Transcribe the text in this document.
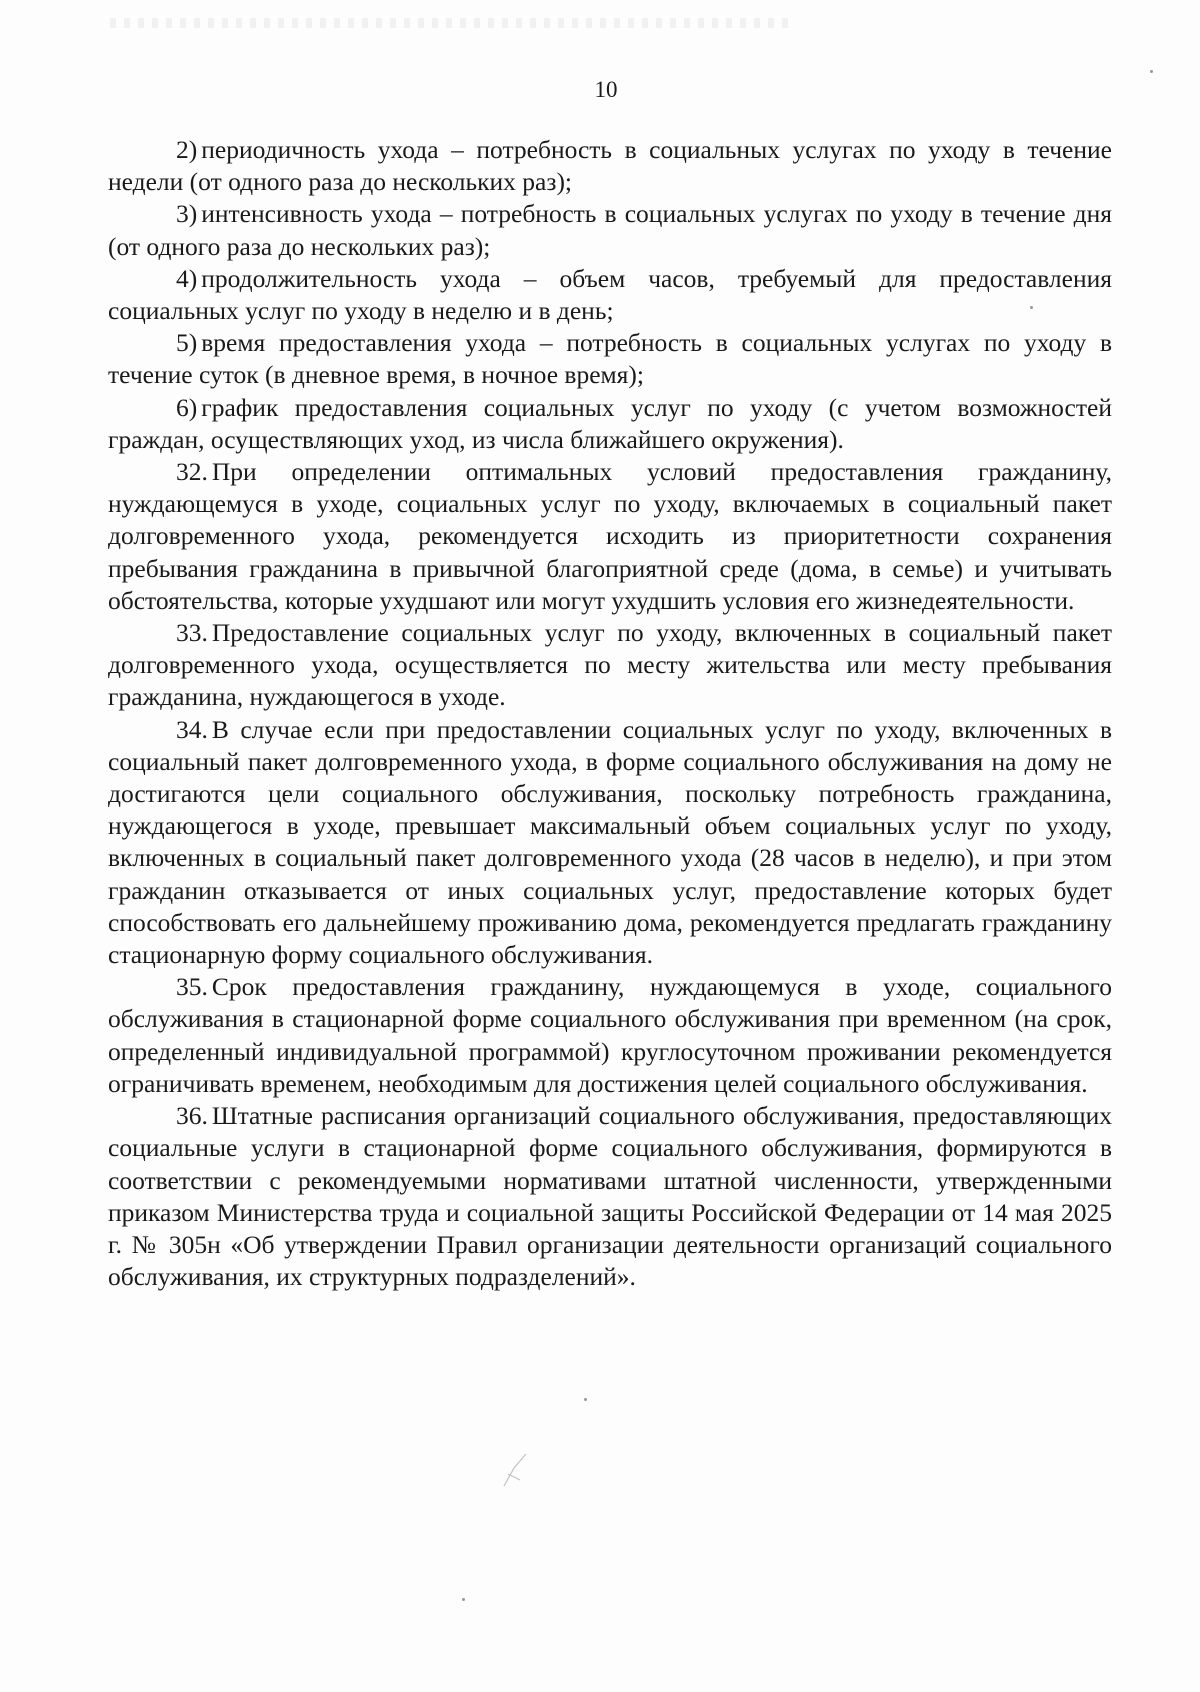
10

2) периодичность ухода – потребность в социальных услугах по уходу в течение недели (от одного раза до нескольких раз);

3) интенсивность ухода – потребность в социальных услугах по уходу в течение дня (от одного раза до нескольких раз);

4) продолжительность ухода – объем часов, требуемый для предоставления социальных услуг по уходу в неделю и в день;

5) время предоставления ухода – потребность в социальных услугах по уходу в течение суток (в дневное время, в ночное время);

6) график предоставления социальных услуг по уходу (с учетом возможностей граждан, осуществляющих уход, из числа ближайшего окружения).

32. При определении оптимальных условий предоставления гражданину, нуждающемуся в уходе, социальных услуг по уходу, включаемых в социальный пакет долговременного ухода, рекомендуется исходить из приоритетности сохранения пребывания гражданина в привычной благоприятной среде (дома, в семье) и учитывать обстоятельства, которые ухудшают или могут ухудшить условия его жизнедеятельности.

33. Предоставление социальных услуг по уходу, включенных в социальный пакет долговременного ухода, осуществляется по месту жительства или месту пребывания гражданина, нуждающегося в уходе.

34. В случае если при предоставлении социальных услуг по уходу, включенных в социальный пакет долговременного ухода, в форме социального обслуживания на дому не достигаются цели социального обслуживания, поскольку потребность гражданина, нуждающегося в уходе, превышает максимальный объем социальных услуг по уходу, включенных в социальный пакет долговременного ухода (28 часов в неделю), и при этом гражданин отказывается от иных социальных услуг, предоставление которых будет способствовать его дальнейшему проживанию дома, рекомендуется предлагать гражданину стационарную форму социального обслуживания.

35. Срок предоставления гражданину, нуждающемуся в уходе, социального обслуживания в стационарной форме социального обслуживания при временном (на срок, определенный индивидуальной программой) круглосуточном проживании рекомендуется ограничивать временем, необходимым для достижения целей социального обслуживания.

36. Штатные расписания организаций социального обслуживания, предоставляющих социальные услуги в стационарной форме социального обслуживания, формируются в соответствии с рекомендуемыми нормативами штатной численности, утвержденными приказом Министерства труда и социальной защиты Российской Федерации от 14 мая 2025 г. № 305н «Об утверждении Правил организации деятельности организаций социального обслуживания, их структурных подразделений».
